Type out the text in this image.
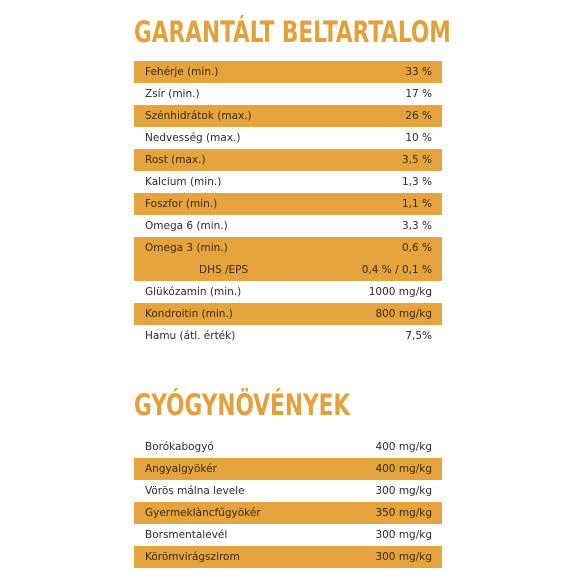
GARANTÁLT BELTARTALOM
Fehérje (min.)	33 %
Zsír (min.)	17 %
Szénhidrátok (max.)	26 %
Nedvesség (max.)	10 %
Rost (max.)	3,5 %
Kalcium (min.)	1,3 %
Foszfor (min.)	1,1 %
Omega 6 (min.)	3,3 %
Omega 3 (min.)	0,6 %
DHS /EPS	0,4 % / 0,1 %
Glükózamin (min.)	1000 mg/kg
Kondroitin (min.)	800 mg/kg
Hamu (átl. érték)	7,5%
GYÓGYNÖVÉNYEK
Borókabogyó	400 mg/kg
Angyalgyökér	400 mg/kg
Vörös málna levele	300 mg/kg
Gyermeklàncfűgyökér	350 mg/kg
Borsmentalevél	300 mg/kg
Körömvirágszirom	300 mg/kg
